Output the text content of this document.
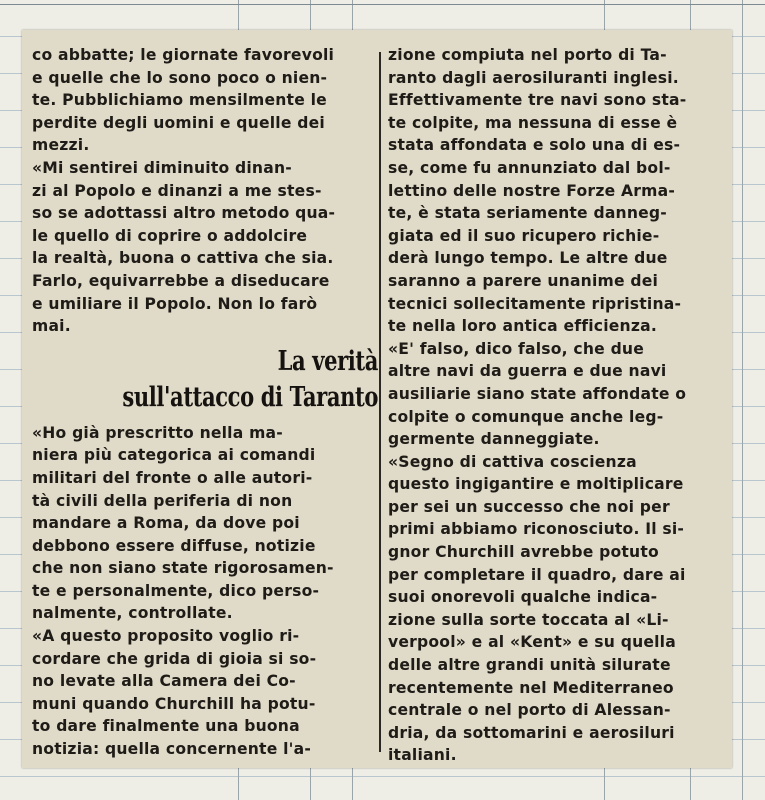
co abbatte; le giornate favorevoli
e quelle che lo sono poco o nien-
te. Pubblichiamo mensilmente le
perdite degli uomini e quelle dei
mezzi.
«Mi sentirei diminuito dinan-
zi al Popolo e dinanzi a me stes-
so se adottassi altro metodo qua-
le quello di coprire o addolcire
la realtà, buona o cattiva che sia.
Farlo, equivarrebbe a diseducare
e umiliare il Popolo. Non lo farò
mai.
La verità
sull'attacco di Taranto
«Ho già prescritto nella ma-
niera più categorica ai comandi
militari del fronte o alle autori-
tà civili della periferia di non
mandare a Roma, da dove poi
debbono essere diffuse, notizie
che non siano state rigorosamen-
te e personalmente, dico perso-
nalmente, controllate.
«A questo proposito voglio ri-
cordare che grida di gioia si so-
no levate alla Camera dei Co-
muni quando Churchill ha potu-
to dare finalmente una buona
notizia: quella concernente l'a-
zione compiuta nel porto di Ta-
ranto dagli aerosiluranti inglesi.
Effettivamente tre navi sono sta-
te colpite, ma nessuna di esse è
stata affondata e solo una di es-
se, come fu annunziato dal bol-
lettino delle nostre Forze Arma-
te, è stata seriamente danneg-
giata ed il suo ricupero richie-
derà lungo tempo. Le altre due
saranno a parere unanime dei
tecnici sollecitamente ripristina-
te nella loro antica efficienza.
«E' falso, dico falso, che due
altre navi da guerra e due navi
ausiliarie siano state affondate o
colpite o comunque anche leg-
germente danneggiate.
«Segno di cattiva coscienza
questo ingigantire e moltiplicare
per sei un successo che noi per
primi abbiamo riconosciuto. Il si-
gnor Churchill avrebbe potuto
per completare il quadro, dare ai
suoi onorevoli qualche indica-
zione sulla sorte toccata al «Li-
verpool» e al «Kent» e su quella
delle altre grandi unità silurate
recentemente nel Mediterraneo
centrale o nel porto di Alessan-
dria, da sottomarini e aerosiluri
italiani.
